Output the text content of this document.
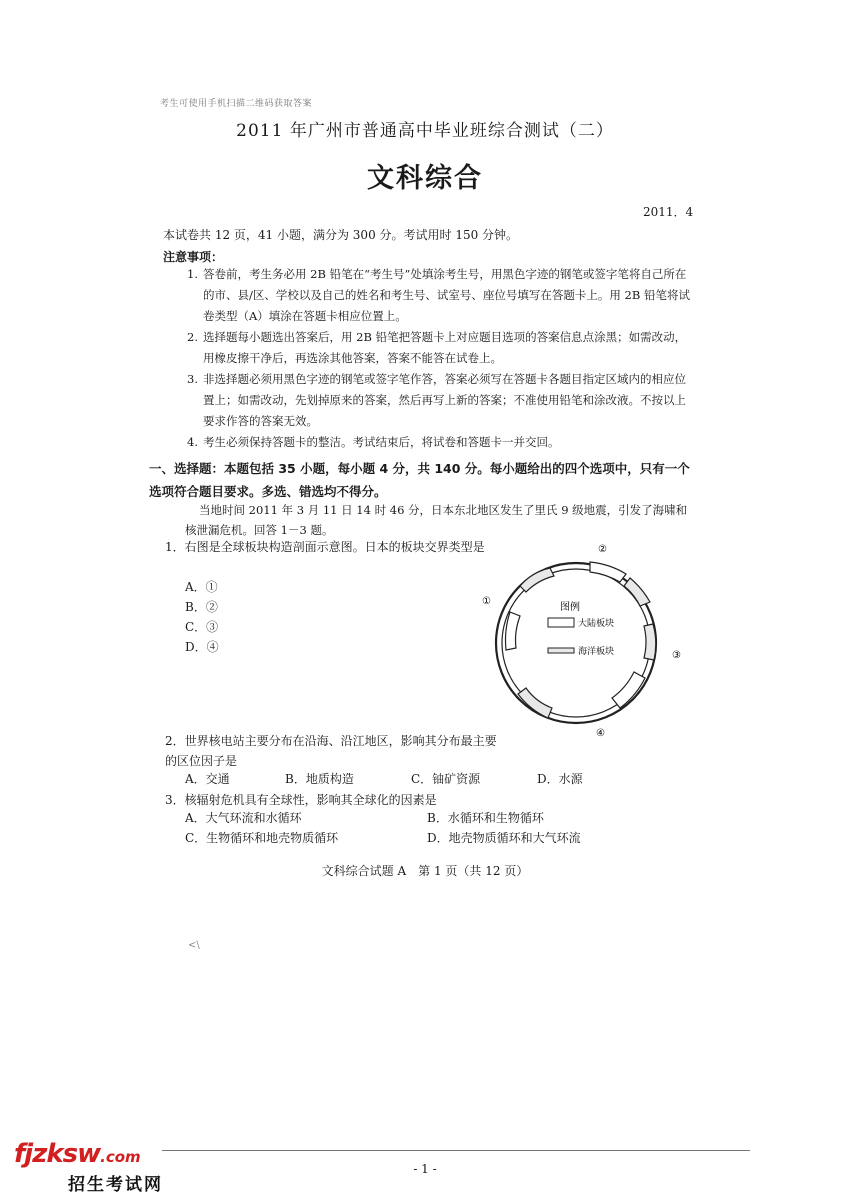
考生可使用手机扫描二维码获取答案
2011 年广州市普通高中毕业班综合测试（二）
文科综合
2011．4
本试卷共 12 页，41 小题，满分为 300 分。考试用时 150 分钟。
注意事项：
1. 答卷前，考生务必用 2B 铅笔在“考生号”处填涂考生号，用黑色字迹的钢笔或签字笔将自己所在的市、县/区、学校以及自己的姓名和考生号、试室号、座位号填写在答题卡上。用 2B 铅笔将试卷类型（A）填涂在答题卡相应位置上。
2. 选择题每小题选出答案后，用 2B 铅笔把答题卡上对应题目选项的答案信息点涂黑；如需改动，用橡皮擦干净后，再选涂其他答案，答案不能答在试卷上。
3. 非选择题必须用黑色字迹的钢笔或签字笔作答，答案必须写在答题卡各题目指定区域内的相应位置上；如需改动，先划掉原来的答案，然后再写上新的答案；不准使用铅笔和涂改液。不按以上要求作答的答案无效。
4. 考生必须保持答题卡的整洁。考试结束后，将试卷和答题卡一并交回。
一、选择题：本题包括 35 小题，每小题 4 分，共 140 分。每小题给出的四个选项中，只有一个选项符合题目要求。多选、错选均不得分。
当地时间 2011 年 3 月 11 日 14 时 46 分，日本东北地区发生了里氏 9 级地震，引发了海啸和核泄漏危机。回答 1－3 题。
1．右图是全球板块构造剖面示意图。日本的板块交界类型是
A．①
B．②
C．③
D．④
②
①
③
④
图例
大陆板块
海洋板块
2．世界核电站主要分布在沿海、沿江地区，影响其分布最主要的区位因子是
A．交通	B．地质构造	C．铀矿资源	D．水源
3．核辐射危机具有全球性，影响其全球化的因素是
A．大气环流和水循环	B．水循环和生物循环
C．生物循环和地壳物质循环	D．地壳物质循环和大气环流
文科综合试题 A　第 1 页（共 12 页）
<\
fjzksw.com
招生考试网
- 1 -
